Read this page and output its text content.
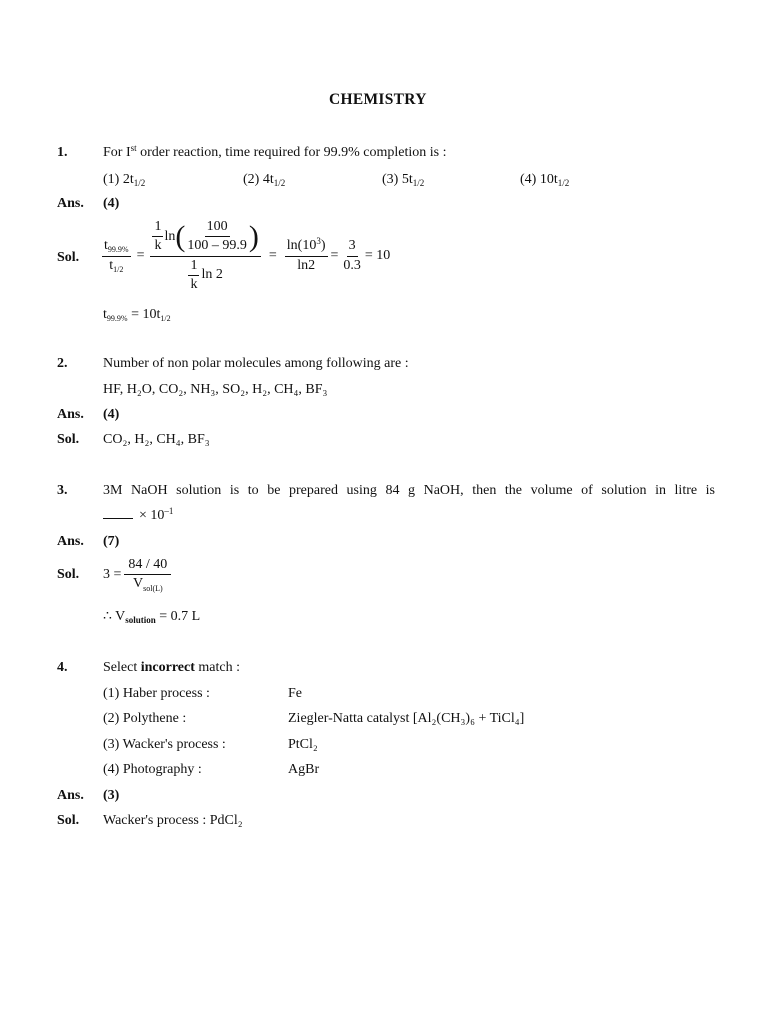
CHEMISTRY
1.	For Ist order reaction, time required for 99.9% completion is :
(1) $2t_{1/2}$	(2) $4t_{1/2}$	(3) $5t_{1/2}$	(4) $10t_{1/2}$
Ans. (4)
Sol. $\frac{t_{99.9\%}}{t_{1/2}} = \frac{\frac{1}{k} \ln ( \frac{100}{100 - 99.9} )}{\frac{1}{k} \ln 2} = \frac{\ln(10^3)}{\ln 2} = \frac{3}{0.3} = 10$
$t_{99.9\%} = 10t_{1/2}$
2.	Number of non polar molecules among following are :
HF, H₂O, CO₂, NH₃, SO₂, H₂, CH₄, BF₃
Ans. (4)
Sol. CO₂, H₂, CH₄, BF₃
3.	3M NaOH solution is to be prepared using 84 g NaOH, then the volume of solution in litre is
× $10^{-1}$
Ans. (7)
Sol. $3 = \frac{84 / 40}{V_{sol(L)}}$
∴ $V_{solution} = 0.7$ L
4.	Select incorrect match :
(1) Haber process :	Fe
(2) Polythene :	Ziegler-Natta catalyst [Al₂(CH₃)₆ + TiCl₄]
(3) Wacker's process :	PtCl₂
(4) Photography :	AgBr
Ans. (3)
Sol. Wacker's process : PdCl₂
